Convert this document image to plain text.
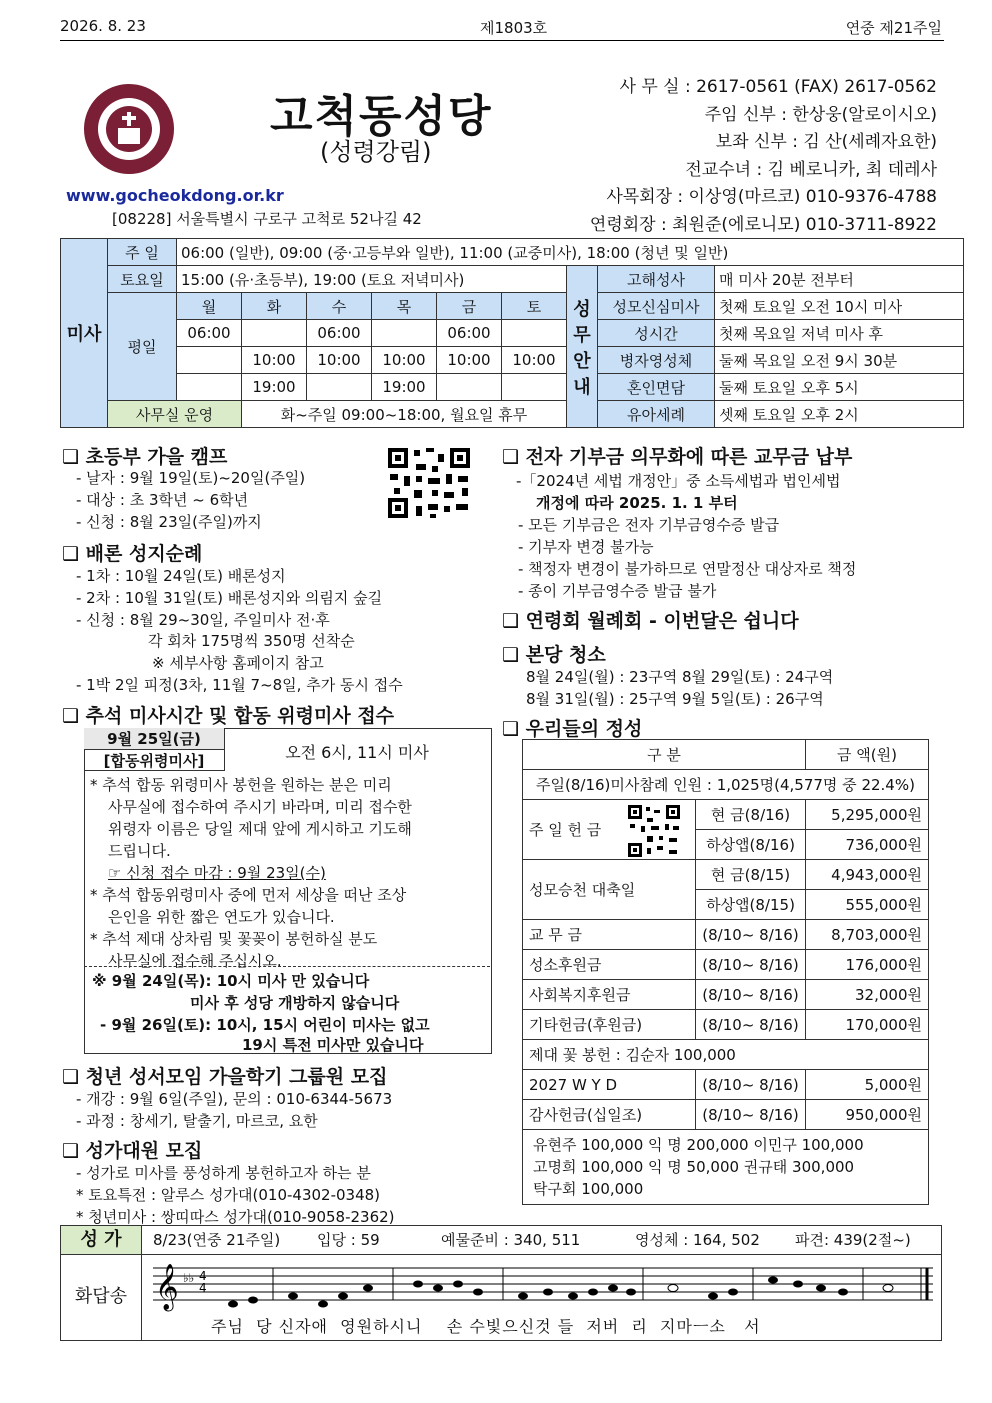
2026. 8. 23	제1803호	연중 제21주일
고척동성당
(성령강림)
www.gocheokdong.or.kr
[08228] 서울특별시 구로구 고척로 52나길 42
사 무 실 : 2617-0561 (FAX) 2617-0562
주임 신부 : 한상웅(알로이시오)
보좌 신부 : 김 산(세례자요한)
전교수녀 : 김 베로니카, 최 데레사
사목회장 : 이상영(마르코) 010-9376-4788
연령회장 : 최원준(에로니모) 010-3711-8922
미사	주 일	06:00 (일반), 09:00 (중·고등부와 일반), 11:00 (교중미사), 18:00 (청년 및 일반)								
	토요일	15:00 (유·초등부), 19:00 (토요 저녁미사)						성무안내	고해성사	매 미사 20분 전부터
	평일	월	화	수	목	금	토		성모신심미사	첫째 토요일 오전 10시 미사
		06:00		06:00		06:00			성시간	첫째 목요일 저녁 미사 후
			10:00	10:00	10:00	10:00	10:00		병자영성체	둘째 목요일 오전 9시 30분
			19:00		19:00				혼인면담	둘째 토요일 오후 5시
	사무실 운영		화~주일 09:00~18:00, 월요일 휴무						유아세례	셋째 토요일 오후 2시
❑ 초등부 가을 캠프
- 날자 : 9월 19일(토)~20일(주일)
- 대상 : 초 3학년 ~ 6학년
- 신청 : 8월 23일(주일)까지
❑ 배론 성지순례
- 1차 : 10월 24일(토) 배론성지
- 2차 : 10월 31일(토) 배론성지와 의림지 숲길
- 신청 : 8월 29~30일, 주일미사 전·후
각 회차 175명씩 350명 선착순
※ 세부사항 홈페이지 참고
- 1박 2일 피정(3차, 11월 7~8일, 추가 동시 접수
❑ 추석 미사시간 및 합동 위령미사 접수
9월 25일(금)
[합동위령미사]	오전 6시, 11시 미사
* 추석 합동 위령미사 봉헌을 원하는 분은 미리
사무실에 접수하여 주시기 바라며, 미리 접수한
위령자 이름은 당일 제대 앞에 게시하고 기도해
드립니다.
☞ 신청 접수 마감 : 9월 23일(수)
* 추석 합동위령미사 중에 먼저 세상을 떠난 조상
은인을 위한 짧은 연도가 있습니다.
* 추석 제대 상차림 및 꽃꽂이 봉헌하실 분도
사무실에 접수해 주십시오.
※ 9월 24일(목): 10시 미사 만 있습니다
미사 후 성당 개방하지 않습니다
- 9월 26일(토): 10시, 15시 어린이 미사는 없고
19시 특전 미사만 있습니다
❑ 청년 성서모임 가을학기 그룹원 모집
- 개강 : 9월 6일(주일), 문의 : 010-6344-5673
- 과정 : 창세기, 탈출기, 마르코, 요한
❑ 성가대원 모집
- 성가로 미사를 풍성하게 봉헌하고자 하는 분
* 토요특전 : 알루스 성가대(010-4302-0348)
* 청년미사 : 쌍띠따스 성가대(010-9058-2362)
❑ 전자 기부금 의무화에 따른 교무금 납부
-「2024년 세법 개정안」중 소득세법과 법인세법
개정에 따라 2025. 1. 1 부터
- 모든 기부금은 전자 기부금영수증 발급
- 기부자 변경 불가능
- 책정자 변경이 불가하므로 연말정산 대상자로 책정
- 종이 기부금영수증 발급 불가
❑ 연령회 월례회 - 이번달은 쉽니다
❑ 본당 청소
8월 24일(월) : 23구역 8월 29일(토) : 24구역
8월 31일(월) : 25구역 9월 5일(토) : 26구역
❑ 우리들의 정성
구 분		금 액(원)
주일(8/16)미사참례 인원 : 1,025명(4,577명 중 22.4%)		
주 일 헌 금	현 금(8/16)	5,295,000원
	하상앱(8/16)	736,000원
성모승천 대축일	현 금(8/15)	4,943,000원
	하상앱(8/15)	555,000원
교 무 금	(8/10~ 8/16)	8,703,000원
성소후원금	(8/10~ 8/16)	176,000원
사회복지후원금	(8/10~ 8/16)	32,000원
기타헌금(후원금)	(8/10~ 8/16)	170,000원
제대 꽃 봉헌 : 김순자 100,000		
2027 W Y D	(8/10~ 8/16)	5,000원
감사헌금(십일조)	(8/10~ 8/16)	950,000원

유현주 100,000 익 명 200,000 이민구 100,000
고명희 100,000 익 명 50,000 권규태 300,000
탁구회 100,000		
성 가	8/23(연중 21주일) 입당 : 59	예물준비 : 340, 511	영성체 : 164, 502 파견: 439(2절~)
화답송 𝄞 ♭♭ 4
4
주님  당 신자애  영원하시니    손 수빛으신것 들  저버  리  지마ㅡ소   서
